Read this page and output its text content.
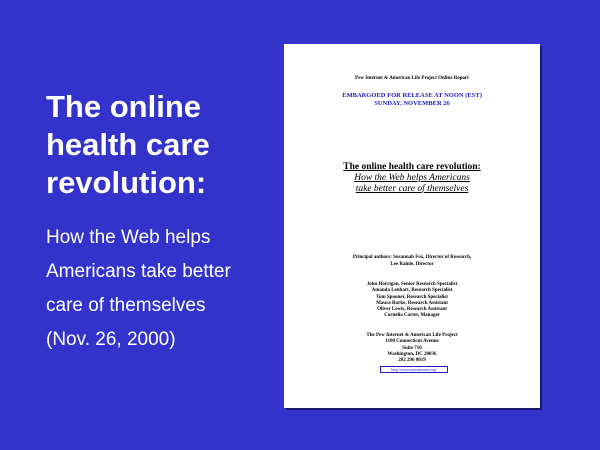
The online
health care
revolution:
How the Web helps
Americans take better
care of themselves
(Nov. 26, 2000)
Pew Internet & American Life Project Online Report
EMBARGOED FOR RELEASE AT NOON (EST)
SUNDAY, NOVEMBER 26
The online health care revolution:
How the Web helps Americans
take better care of themselves
Principal authors: Susannah Fox, Director of Research,
Lee Rainie, Director
John Horrigan, Senior Research Specialist
Amanda Lenhart, Research Specialist
Tom Spooner, Research Specialist
Maura Burke, Research Assistant
Oliver Lewis, Research Assistant
Cornelia Carter, Manager
The Pew Internet & American Life Project
1100 Connecticut Avenue
Suite 710
Washington, DC 20036
202 296 0019
http://www.pewinternet.org/
